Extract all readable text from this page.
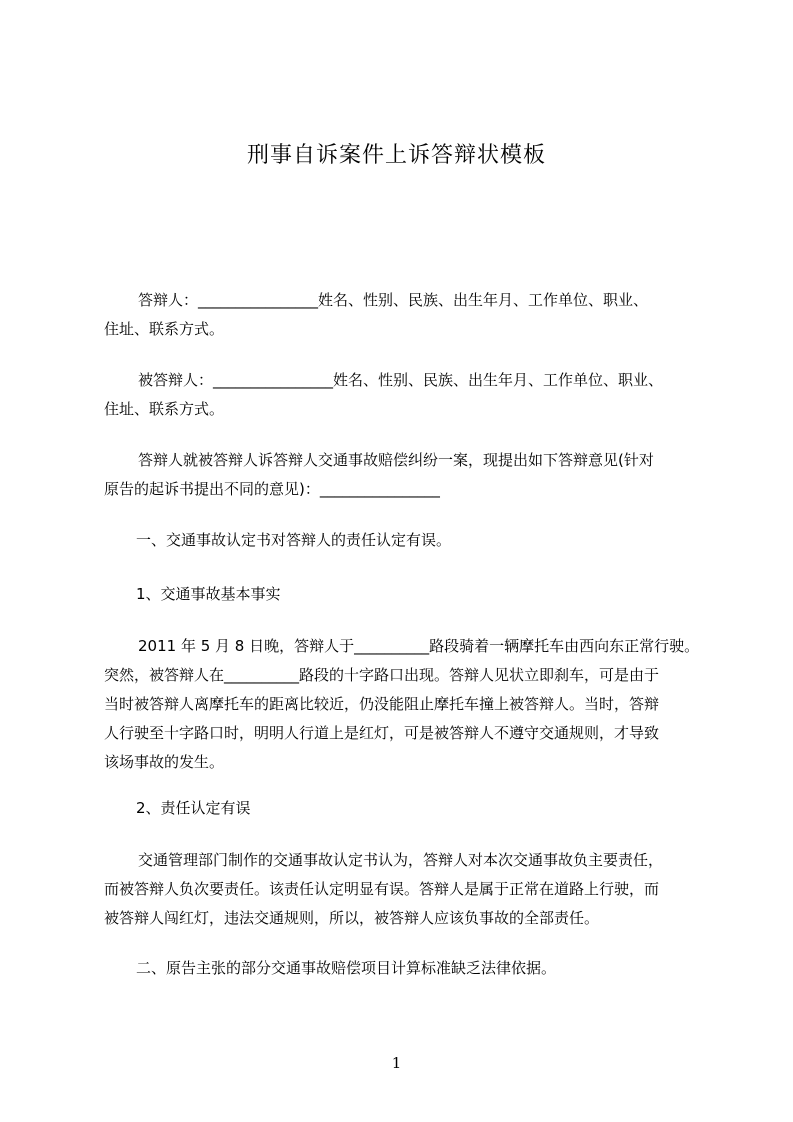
刑事自诉案件上诉答辩状模板
答辩人：________________姓名、性别、民族、出生年月、工作单位、职业、
住址、联系方式。
被答辩人：________________姓名、性别、民族、出生年月、工作单位、职业、
住址、联系方式。
答辩人就被答辩人诉答辩人交通事故赔偿纠纷一案，现提出如下答辩意见(针对
原告的起诉书提出不同的意见)：________________
一、交通事故认定书对答辩人的责任认定有误。
1、交通事故基本事实
2011 年 5 月 8 日晚，答辩人于__________路段骑着一辆摩托车由西向东正常行驶。
突然，被答辩人在__________路段的十字路口出现。答辩人见状立即刹车，可是由于
当时被答辩人离摩托车的距离比较近，仍没能阻止摩托车撞上被答辩人。当时，答辩
人行驶至十字路口时，明明人行道上是红灯，可是被答辩人不遵守交通规则，才导致
该场事故的发生。
2、责任认定有误
交通管理部门制作的交通事故认定书认为，答辩人对本次交通事故负主要责任，
而被答辩人负次要责任。该责任认定明显有误。答辩人是属于正常在道路上行驶，而
被答辩人闯红灯，违法交通规则，所以，被答辩人应该负事故的全部责任。
二、原告主张的部分交通事故赔偿项目计算标准缺乏法律依据。
1
